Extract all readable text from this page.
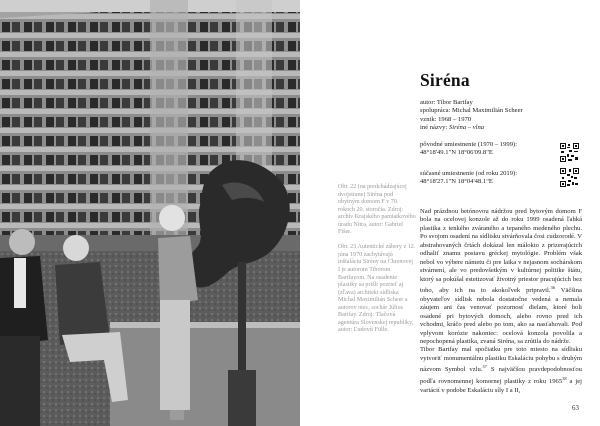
Obr. 22 (na predchádzajúcej dvojstrane) Siréna pod obytným domom F v 70. rokoch 20. storočia. Zdroj: archív Krajského pamiatkového úradu Nitra, autor: Gabriel Fišer.

Obr. 23 Autentické zábery z 12. júna 1970 zachytávajú inštaláciu Sirény na Chrenovej I je autorom Tiborom Bartfayom. Na osadenie plastiky sa prišli pozrieť aj (zľava) architekt sídliska Michal Maximilián Scheer a autorov otec, sochár Július Bartfay. Zdroj: Tlačová agentúra Slovenskej republiky, autor: Ľudovít Fülle.

Siréna
autor: Tibor Bartfay
spolupráca: Michal Maximilián Scheer
vznik: 1968 – 1970
iné názvy: Siréna – vlna
pôvodné umiestnenie (1970 – 1999):
48°18'49.1"N 18°06'09.8"E
súčasné umiestnenie (od roku 2019):
48°18'27.1"N 18°04'48.1"E

Nad prázdnou betónovou nádržou pred bytovým domom F bola na ocelovej konzole až do roku 1999 osadená ľahká plastika z tenkého zváraného a tepaného medeného plechu. Po svojom osadení na sídlisku stvárňovala čosi cudzorodé. V abstrahovaných črtách dokázal len málokto z prizerajúcich odhaliť znamu postavu gréckej mytológie. Problém však nebol vo výbere námetu či pre laika v nejasnom sochárskom stvárnení, ale vo predovšetkým v kultúrnej politike štátu, ktorý sa pokúšal estetizovať životný priestor pracujúcich bez toho, aby ich na to akokoľvek pripravil.$^{36}$ Väčšina obyvateľov sídlisk nebola dostatočne vedená a nemala záujem ani čas venovať pozornosť dielam, ktoré boli osadené pri bytových domoch, alebo rovno pred ich vchodmi, kráčo pred alebo po tom, ako sa nasťahovali. Pod vplyvom korózie nakoniec: ocelová konzola povolila a nepochopená plastika, zvaná Siréna, sa zrútila do nádrže.

Tibor Bartfay mal spočiatku pre toto miesto na sídlisku vytvoriť monumentálnu plastiku Eskaláciu pohybu s druhým názvom Symbol vzlu.$^{37}$ S najväčšou pravdepodobnosťou podľa rovnomennej komornej plastiky z roku 1965$^{38}$ a jej variácií v podobe Eskaláciu síly I a II,

63
